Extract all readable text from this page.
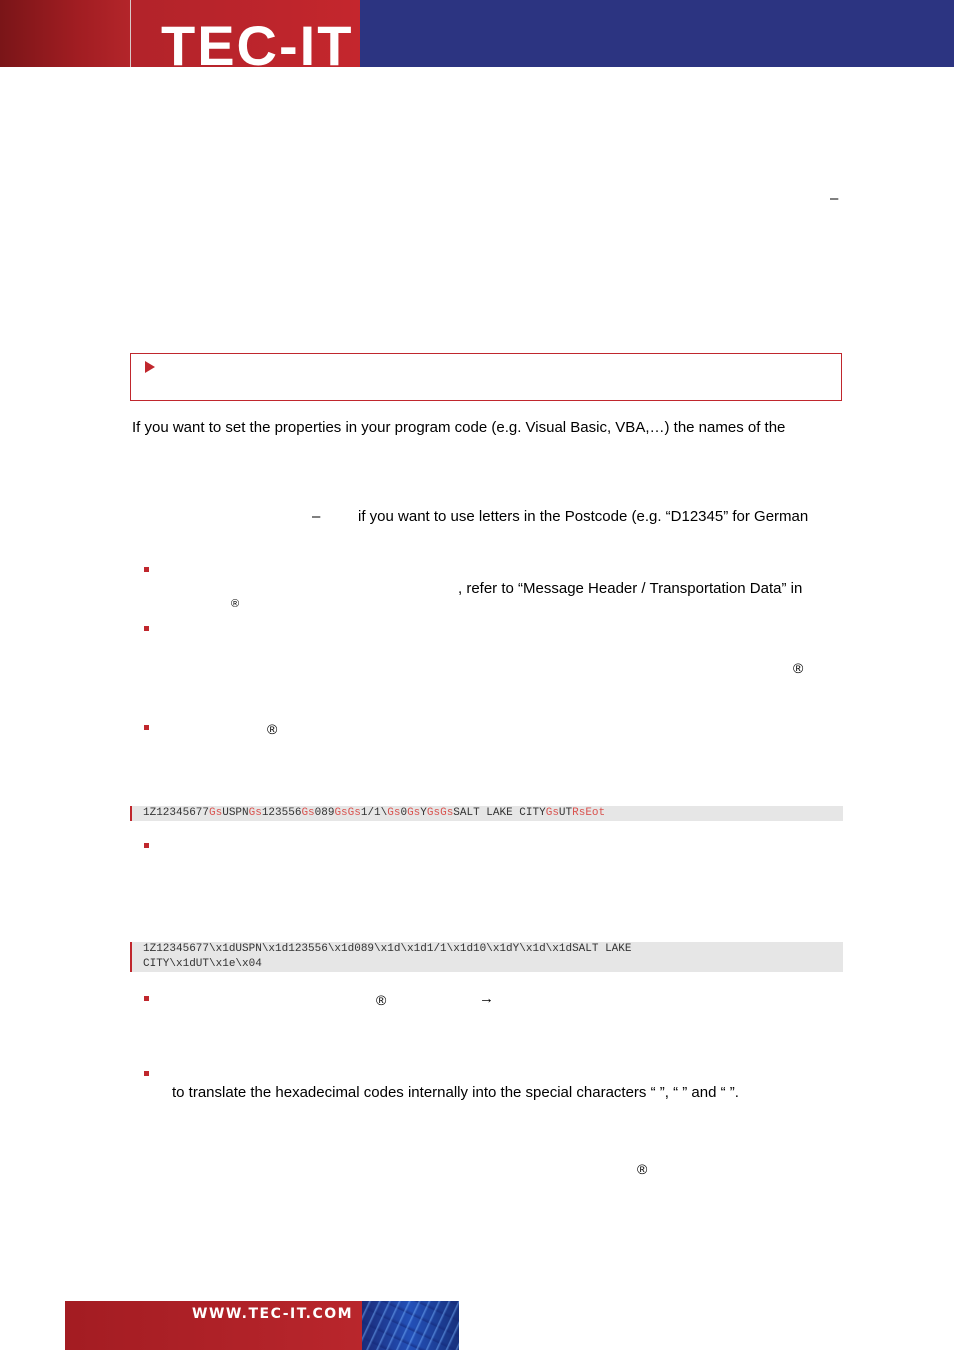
TEC-IT
–
If you want to set the properties in your program code (e.g. Visual Basic, VBA,…) the names of the
–	if you want to use letters in the Postcode (e.g. “D12345” for German
, refer to “Message Header / Transportation Data” in
®
®
®
1Z12345677GsUSPNGs123556Gs089GsGs1/1\Gs0GsYGsGsSALT LAKE CITYGsUTRsEot
1Z12345677\x1dUSPN\x1d123556\x1d089\x1d\x1d1/1\x1d10\x1dY\x1d\x1dSALT LAKE
CITY\x1dUT\x1e\x04
®	→
to translate the hexadecimal codes internally into the special characters “ ”, “ ” and “ ”.
®
WWW.TEC-IT.COM
